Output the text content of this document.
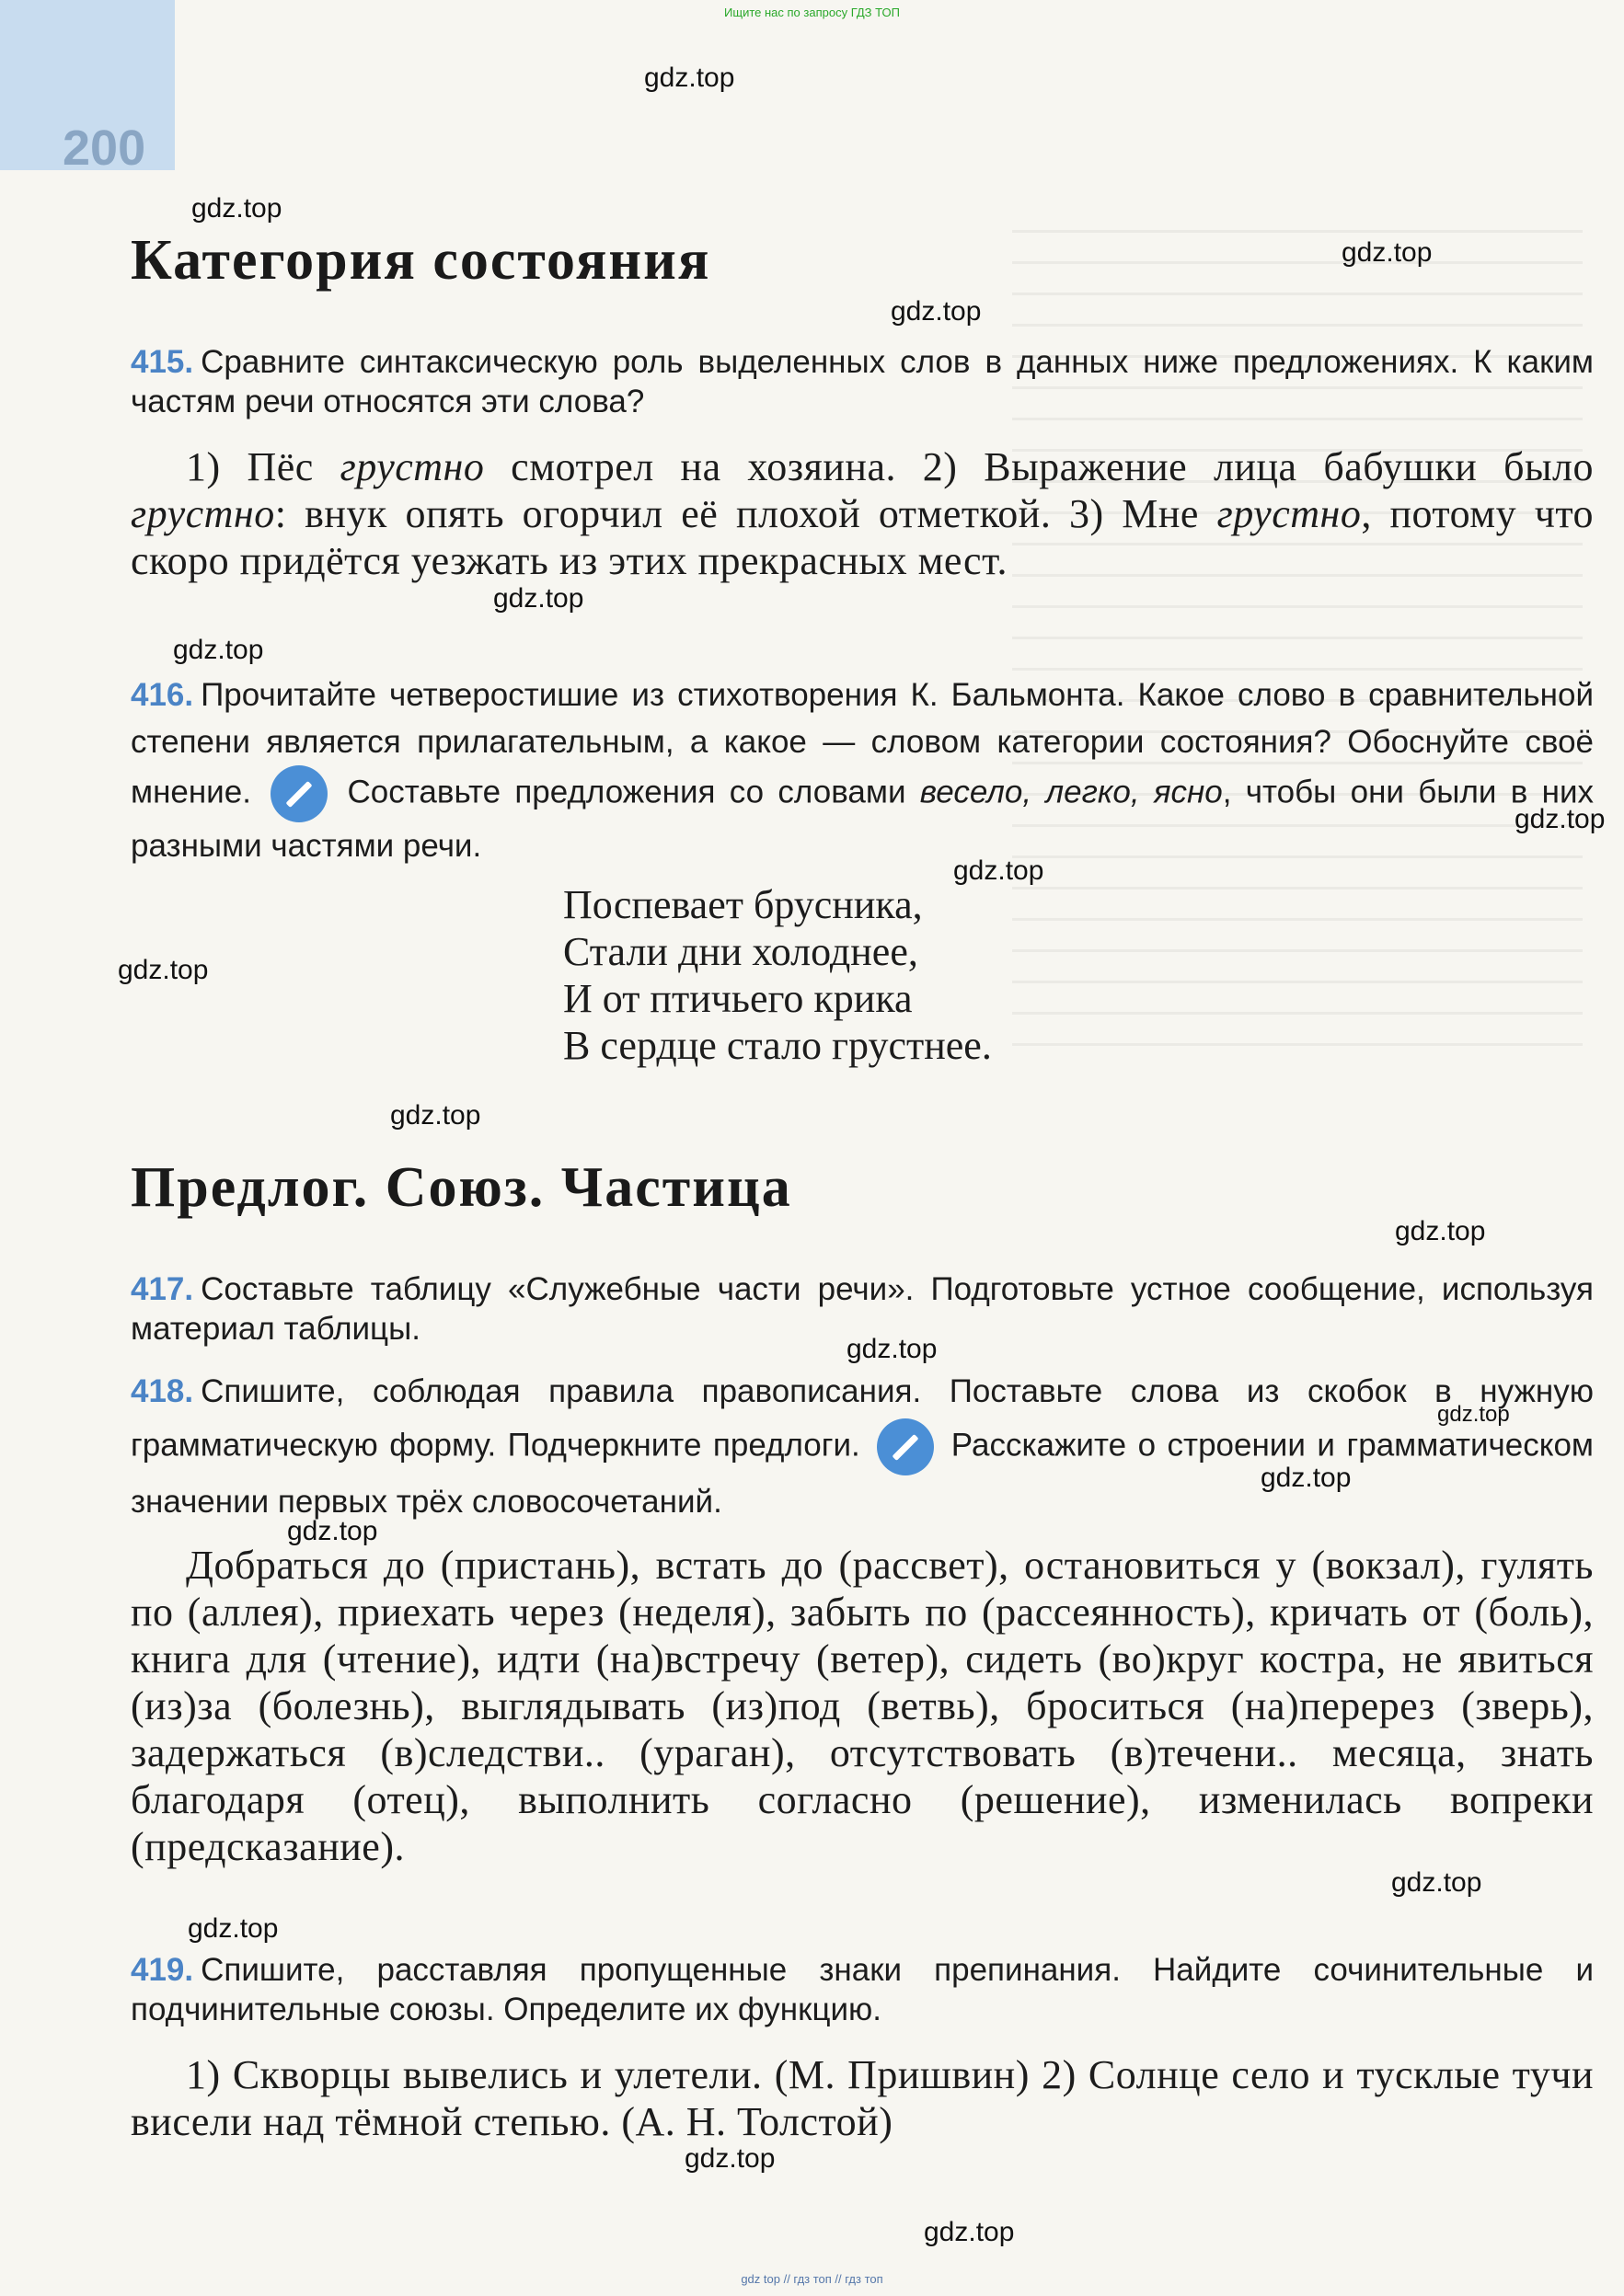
Ищите нас по запросу ГДЗ ТОП
200
gdz.top
gdz.top
gdz.top
gdz.top
gdz.top
gdz.top
gdz.top
gdz.top
gdz.top
gdz.top
gdz.top
gdz.top
gdz.top
gdz.top
gdz.top
gdz.top
gdz.top
gdz.top
gdz.top
Категория состояния
415. Сравните синтаксическую роль выделенных слов в данных ниже предложениях. К каким частям речи относятся эти слова?
1) Пёс грустно смотрел на хозяина. 2) Выражение лица бабушки было грустно: внук опять огорчил её плохой отметкой. 3) Мне грустно, потому что скоро придётся уезжать из этих прекрасных мест.
416. Прочитайте четверостишие из стихотворения К. Бальмонта. Какое слово в сравнительной степени является прилагательным, а какое — словом категории состояния? Обоснуйте своё мнение.	Составьте предложения со словами весело, легко, ясно, чтобы они были в них разными частями речи.
Поспевает брусника,
Стали дни холоднее,
И от птичьего крика
В сердце стало грустнее.
Предлог. Союз. Частица
417. Составьте таблицу «Служебные части речи». Подготовьте устное сообщение, используя материал таблицы.
418. Спишите, соблюдая правила правописания. Поставьте слова из скобок в нужную грамматическую форму. Подчеркните предлоги.  Расскажите о строении и грамматическом значении первых трёх словосочетаний.
Добраться до (пристань), встать до (рассвет), остановиться у (вокзал), гулять по (аллея), приехать через (неделя), забыть по (рассеянность), кричать от (боль), книга для (чтение), идти (на)встречу (ветер), сидеть (во)круг костра, не явиться (из)за (болезнь), выглядывать (из)под (ветвь), броситься (на)перерез (зверь), задержаться (в)следстви.. (ураган), отсутствовать (в)течени.. месяца, знать благодаря (отец), выполнить согласно (решение), изменилась вопреки (предсказание).
419. Спишите, расставляя пропущенные знаки препинания. Найдите сочинительные и подчинительные союзы. Определите их функцию.
1) Скворцы вывелись и улетели. (М. Пришвин) 2) Солнце село и тусклые тучи висели над тёмной степью. (А. Н. Толстой)
gdz top // гдз топ // гдз топ
